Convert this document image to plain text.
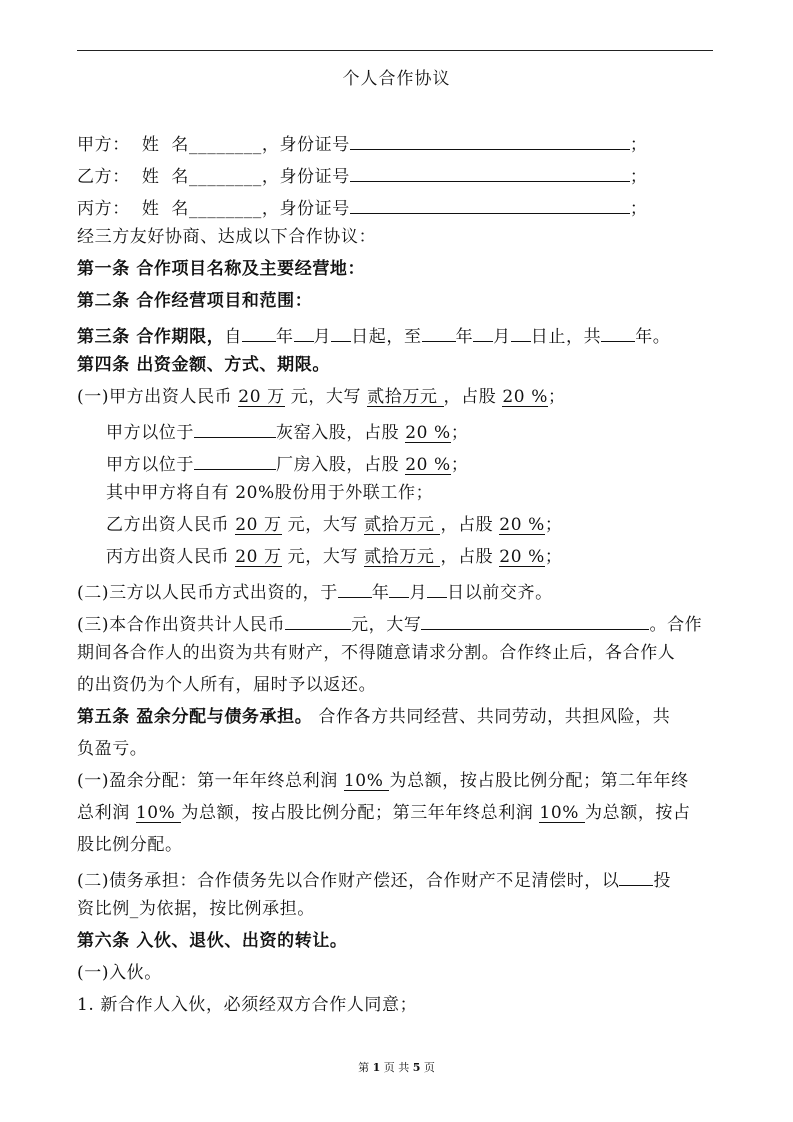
个人合作协议
甲方： 姓  名________，身份证号	；
乙方： 姓  名________，身份证号	；
丙方： 姓  名________，身份证号	；
经三方友好协商、达成以下合作协议：
第一条 合作项目名称及主要经营地：
第二条 合作经营项目和范围：
第三条 合作期限，自 年 月 日起，至 年 月 日止，共 年。
第四条 出资金额、方式、期限。
(一)甲方出资人民币 20 万 元，大写 贰拾万元 ，占股 20 %；
甲方以位于	灰窑入股，占股 20 %；
甲方以位于	厂房入股，占股 20 %；
其中甲方将自有 20%股份用于外联工作；
乙方出资人民币 20 万 元，大写 贰拾万元 ，占股 20 %；
丙方出资人民币 20 万 元，大写 贰拾万元 ，占股 20 %；
(二)三方以人民币方式出资的，于 年 月 日以前交齐。
(三)本合作出资共计人民币	元，大写	。合作
期间各合作人的出资为共有财产，不得随意请求分割。合作终止后，各合作人
的出资仍为个人所有，届时予以返还。
第五条 盈余分配与债务承担。 合作各方共同经营、共同劳动，共担风险，共
负盈亏。
(一)盈余分配：第一年年终总利润 10% 为总额，按占股比例分配；第二年年终
总利润 10% 为总额，按占股比例分配；第三年年终总利润 10% 为总额，按占
股比例分配。
(二)债务承担：合作债务先以合作财产偿还，合作财产不足清偿时，以 投
资比例_为依据，按比例承担。
第六条 入伙、退伙、出资的转让。
(一)入伙。
1. 新合作人入伙，必须经双方合作人同意；
第 1 页 共 5 页
